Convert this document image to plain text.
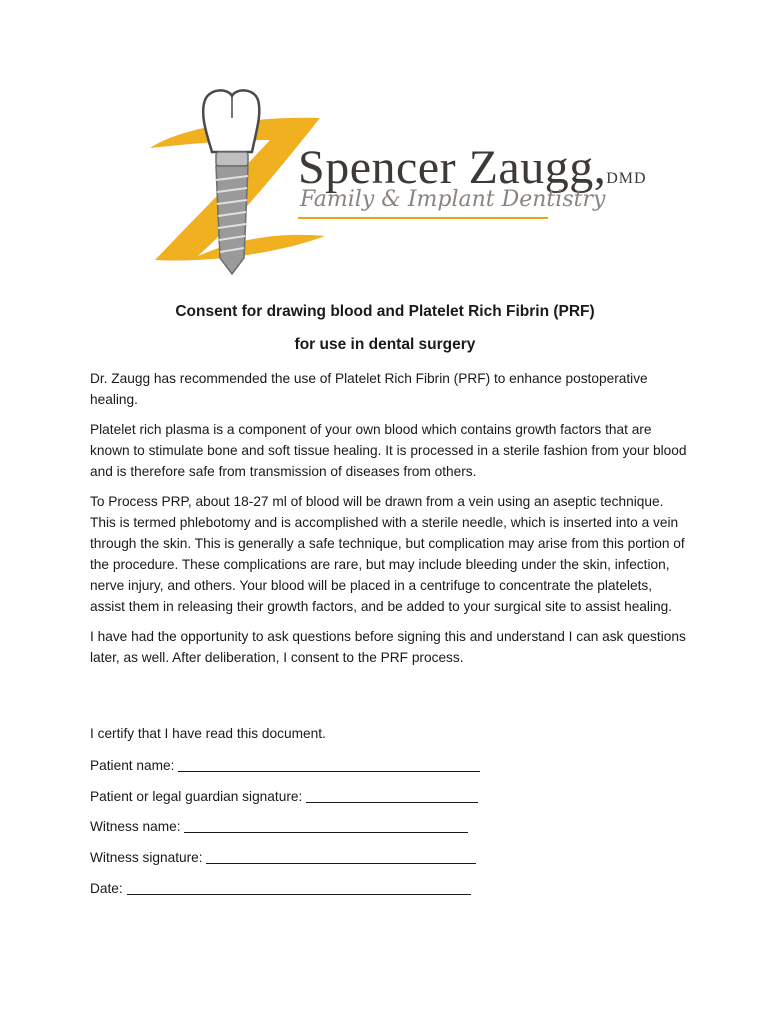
Spencer Zaugg,DMD
Family & Implant Dentistry
Consent for drawing blood and Platelet Rich Fibrin (PRF)
for use in dental surgery

Dr. Zaugg has recommended the use of Platelet Rich Fibrin (PRF) to enhance postoperative healing.

Platelet rich plasma is a component of your own blood which contains growth factors that are known to stimulate bone and soft tissue healing. It is processed in a sterile fashion from your blood and is therefore safe from transmission of diseases from others.

To Process PRP, about 18-27 ml of blood will be drawn from a vein using an aseptic technique. This is termed phlebotomy and is accomplished with a sterile needle, which is inserted into a vein through the skin. This is generally a safe technique, but complication may arise from this portion of the procedure. These complications are rare, but may include bleeding under the skin, infection, nerve injury, and others. Your blood will be placed in a centrifuge to concentrate the platelets, assist them in releasing their growth factors, and be added to your surgical site to assist healing.

I have had the opportunity to ask questions before signing this and understand I can ask questions later, as well. After deliberation, I consent to the PRF process.

I certify that I have read this document.
Patient name:
Patient or legal guardian signature:
Witness name:
Witness signature:
Date:
